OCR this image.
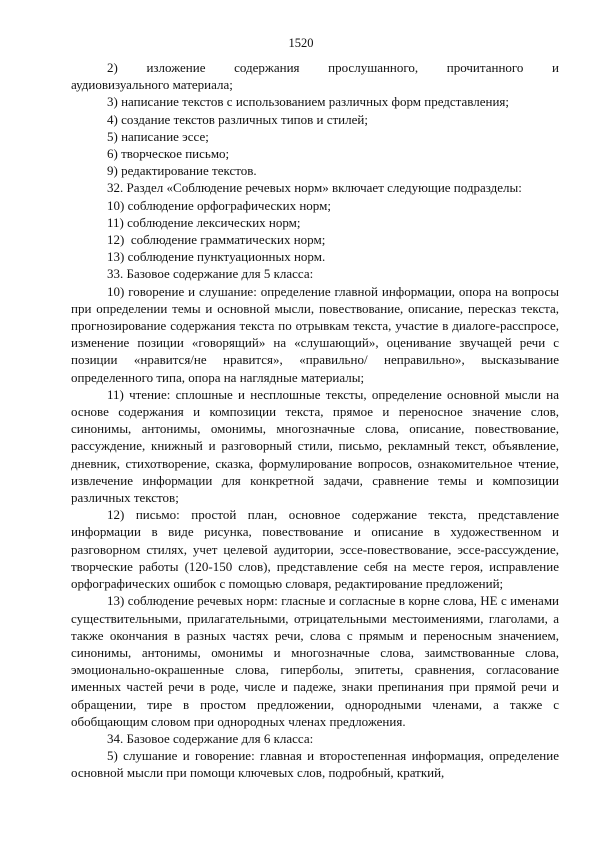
1520

2)    изложение    содержания    прослушанного,    прочитанного    и аудиовизуального материала;

3) написание текстов с использованием различных форм представления;

4) создание текстов различных типов и стилей;

5) написание эссе;

6) творческое письмо;

9) редактирование текстов.

32. Раздел «Соблюдение речевых норм» включает следующие подразделы:

10) соблюдение орфографических норм;

11) соблюдение лексических норм;

12)  соблюдение грамматических норм;

13) соблюдение пунктуационных норм.

33. Базовое содержание для 5 класса:

10) говорение и слушание: определение главной информации, опора на вопросы при определении темы и основной мысли, повествование, описание, пересказ текста, прогнозирование содержания текста по отрывкам текста, участие в диалоге-расспросе, изменение позиции «говорящий» на «слушающий», оценивание звучащей речи с позиции «нравится/не нравится», «правильно/ неправильно», высказывание определенного типа, опора на наглядные материалы;

11) чтение: сплошные и несплошные тексты, определение основной мысли на основе содержания и композиции текста, прямое и переносное значение слов, синонимы, антонимы, омонимы, многозначные слова, описание, повествование, рассуждение, книжный и разговорный стили, письмо, рекламный текст, объявление, дневник, стихотворение, сказка, формулирование вопросов, ознакомительное чтение, извлечение информации для конкретной задачи, сравнение темы и композиции различных текстов;

12) письмо: простой план, основное содержание текста, представление информации в виде рисунка, повествование и описание в художественном и разговорном стилях, учет целевой аудитории, эссе-повествование, эссе-рассуждение, творческие работы (120-150 слов), представление себя на месте героя, исправление орфографических ошибок с помощью словаря, редактирование предложений;

13) соблюдение речевых норм: гласные и согласные в корне слова, НЕ с именами существительными, прилагательными, отрицательными местоимениями, глаголами, а также окончания в разных частях речи, слова с прямым и переносным значением, синонимы, антонимы, омонимы и многозначные слова, заимствованные слова, эмоционально-окрашенные слова, гиперболы, эпитеты, сравнения, согласование именных частей речи в роде, числе и падеже, знаки препинания при прямой речи и обращении, тире в простом предложении, однородными членами, а также с обобщающим словом при однородных членах предложения.

34. Базовое содержание для 6 класса:

5) слушание и говорение: главная и второстепенная информация, определение основной мысли при помощи ключевых слов, подробный, краткий,
